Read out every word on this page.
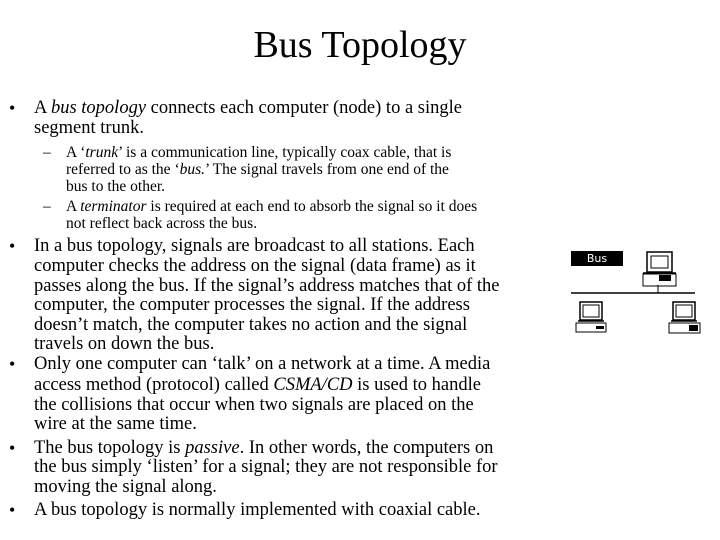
Bus Topology
• A bus topology connects each computer (node) to a single
segment trunk.
– A ‘trunk’ is a communication line, typically coax cable, that is
referred to as the ‘bus.’ The signal travels from one end of the
bus to the other.
– A terminator is required at each end to absorb the signal so it does
not reflect back across the bus.
• In a bus topology, signals are broadcast to all stations. Each
computer checks the address on the signal (data frame) as it
passes along the bus. If the signal’s address matches that of the
computer, the computer processes the signal. If the address
doesn’t match, the computer takes no action and the signal
travels on down the bus.
• Only one computer can ‘talk’ on a network at a time. A media
access method (protocol) called CSMA/CD is used to handle
the collisions that occur when two signals are placed on the
wire at the same time.
• The bus topology is passive. In other words, the computers on
the bus simply ‘listen’ for a signal; they are not responsible for
moving the signal along.
• A bus topology is normally implemented with coaxial cable.
Bus
